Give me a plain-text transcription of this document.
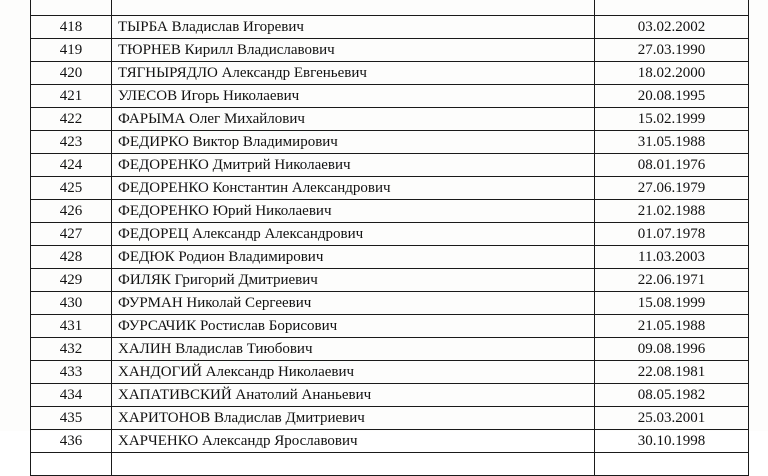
418	ТЫРБА Владислав Игоревич	03.02.2002
419	ТЮРНЕВ Кирилл Владиславович	27.03.1990
420	ТЯГНЫРЯДЛО Александр Евгеньевич	18.02.2000
421	УЛЕСОВ Игорь Николаевич	20.08.1995
422	ФАРЫМА Олег Михайлович	15.02.1999
423	ФЕДИРКО Виктор Владимирович	31.05.1988
424	ФЕДОРЕНКО Дмитрий Николаевич	08.01.1976
425	ФЕДОРЕНКО Константин Александрович	27.06.1979
426	ФЕДОРЕНКО Юрий Николаевич	21.02.1988
427	ФЕДОРЕЦ Александр Александрович	01.07.1978
428	ФЕДЮК Родион Владимирович	11.03.2003
429	ФИЛЯК Григорий Дмитриевич	22.06.1971
430	ФУРМАН Николай Сергеевич	15.08.1999
431	ФУРСАЧИК Ростислав Борисович	21.05.1988
432	ХАЛИН Владислав Тиюбович	09.08.1996
433	ХАНДОГИЙ Александр Николаевич	22.08.1981
434	ХАПАТИВСКИЙ Анатолий Ананьевич	08.05.1982
435	ХАРИТОНОВ Владислав Дмитриевич	25.03.2001
436	ХАРЧЕНКО Александр Ярославович	30.10.1998
